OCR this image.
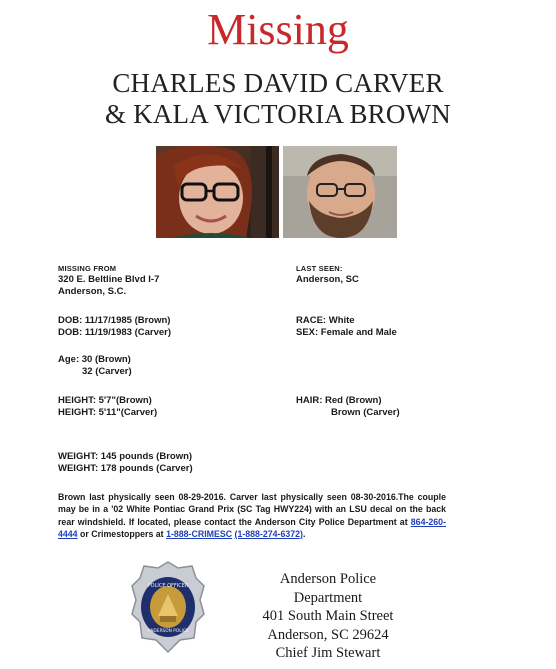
Missing
CHARLES DAVID CARVER
& KALA VICTORIA BROWN
MISSING FROM
320 E. Beltline Blvd I-7
Anderson, S.C.
LAST SEEN:
Anderson, SC
DOB: 11/17/1985 (Brown)
DOB: 11/19/1983 (Carver)
RACE: White
SEX: Female and Male
Age: 30 (Brown)
32 (Carver)
HEIGHT: 5'7"(Brown)
HEIGHT: 5'11"(Carver)
HAIR: Red (Brown)
Brown (Carver)
WEIGHT: 145 pounds (Brown)
WEIGHT: 178 pounds (Carver)
Brown last physically seen 08-29-2016. Carver last physically seen 08-30-2016.The couple may be in a '02 White Pontiac Grand Prix (SC Tag HWY224) with an LSU decal on the back rear windshield. If located, please contact the Anderson City Police Department at 864-260-4444 or Crimestoppers at 1-888-CRIMESC (1-888-274-6372).
POLICE OFFICER
ANDERSON POLICE
Anderson Police
Department
401 South Main Street
Anderson, SC 29624
Chief Jim Stewart
